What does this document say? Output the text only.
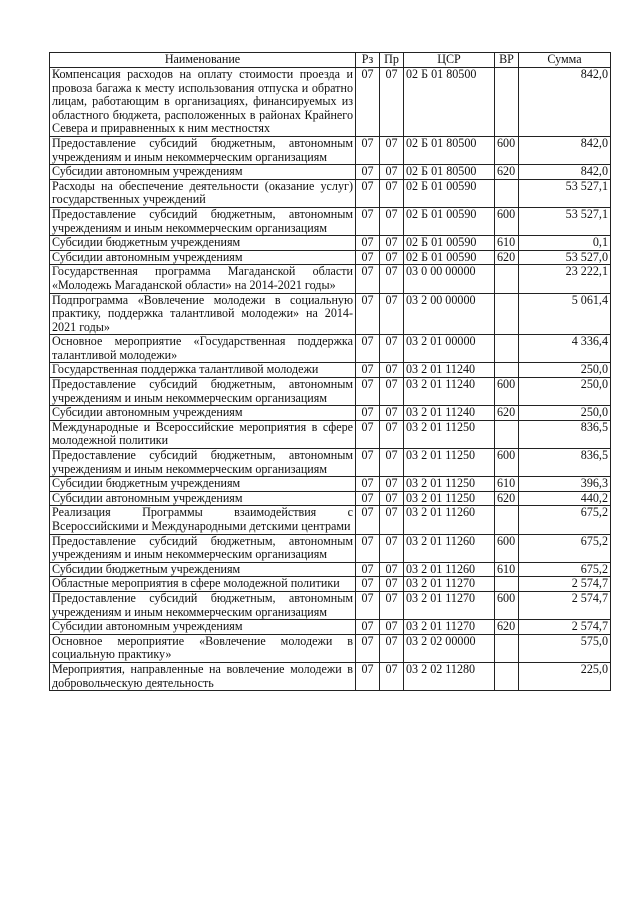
Наименование	Рз	Пр	ЦСР	ВР	Сумма
Компенсация расходов на оплату стоимости проезда и провоза багажа к месту использования отпуска и обратно лицам, работающим в организациях, финансируемых из областного бюджета, расположенных в районах Крайнего Севера и приравненных к ним местностях	07	07	02 Б 01 80500		842,0
Предоставление субсидий бюджетным, автономным учреждениям и иным некоммерческим организациям	07	07	02 Б 01 80500	600	842,0
Субсидии автономным учреждениям	07	07	02 Б 01 80500	620	842,0
Расходы на обеспечение деятельности (оказание услуг) государственных учреждений	07	07	02 Б 01 00590		53 527,1
Предоставление субсидий бюджетным, автономным учреждениям и иным некоммерческим организациям	07	07	02 Б 01 00590	600	53 527,1
Субсидии бюджетным учреждениям	07	07	02 Б 01 00590	610	0,1
Субсидии автономным учреждениям	07	07	02 Б 01 00590	620	53 527,0
Государственная программа Магаданской области «Молодежь Магаданской области» на 2014-2021 годы»	07	07	03 0 00 00000		23 222,1
Подпрограмма «Вовлечение молодежи в социальную практику, поддержка талантливой молодежи» на 2014-2021 годы»	07	07	03 2 00 00000		5 061,4
Основное мероприятие «Государственная поддержка талантливой молодежи»	07	07	03 2 01 00000		4 336,4
Государственная поддержка талантливой молодежи	07	07	03 2 01 11240		250,0
Предоставление субсидий бюджетным, автономным учреждениям и иным некоммерческим организациям	07	07	03 2 01 11240	600	250,0
Субсидии автономным учреждениям	07	07	03 2 01 11240	620	250,0
Международные и Всероссийские мероприятия в сфере молодежной политики	07	07	03 2 01 11250		836,5
Предоставление субсидий бюджетным, автономным учреждениям и иным некоммерческим организациям	07	07	03 2 01 11250	600	836,5
Субсидии бюджетным учреждениям	07	07	03 2 01 11250	610	396,3
Субсидии автономным учреждениям	07	07	03 2 01 11250	620	440,2
Реализация Программы взаимодействия с Всероссийскими и Международными детскими центрами	07	07	03 2 01 11260		675,2
Предоставление субсидий бюджетным, автономным учреждениям и иным некоммерческим организациям	07	07	03 2 01 11260	600	675,2
Субсидии бюджетным учреждениям	07	07	03 2 01 11260	610	675,2
Областные мероприятия в сфере молодежной политики	07	07	03 2 01 11270		2 574,7
Предоставление субсидий бюджетным, автономным учреждениям и иным некоммерческим организациям	07	07	03 2 01 11270	600	2 574,7
Субсидии автономным учреждениям	07	07	03 2 01 11270	620	2 574,7
Основное мероприятие «Вовлечение молодежи в социальную практику»	07	07	03 2 02 00000		575,0
Мероприятия, направленные на вовлечение молодежи в добровольческую деятельность	07	07	03 2 02 11280		225,0
